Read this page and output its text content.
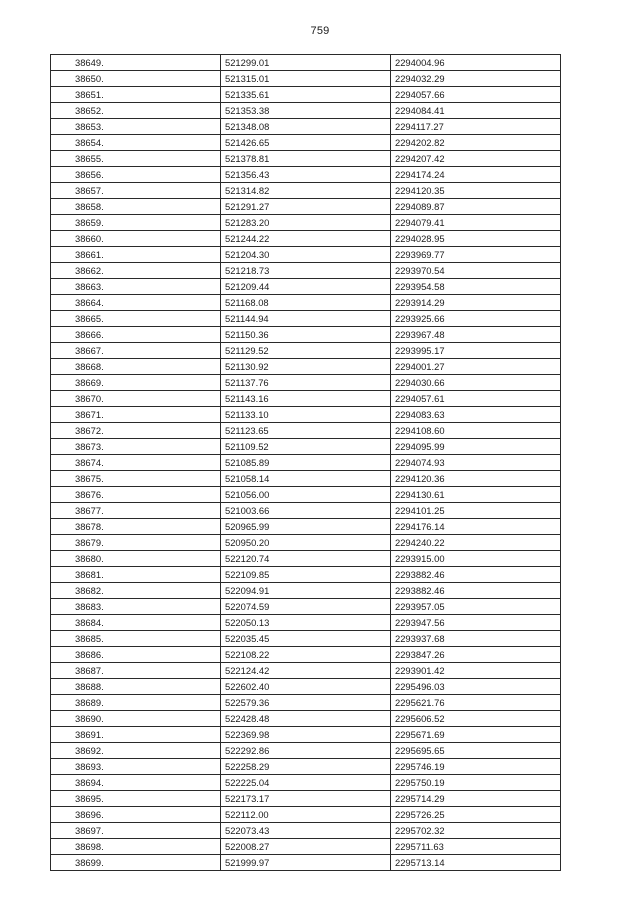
759
38649.	521299.01	2294004.96
38650.	521315.01	2294032.29
38651.	521335.61	2294057.66
38652.	521353.38	2294084.41
38653.	521348.08	2294117.27
38654.	521426.65	2294202.82
38655.	521378.81	2294207.42
38656.	521356.43	2294174.24
38657.	521314.82	2294120.35
38658.	521291.27	2294089.87
38659.	521283.20	2294079.41
38660.	521244.22	2294028.95
38661.	521204.30	2293969.77
38662.	521218.73	2293970.54
38663.	521209.44	2293954.58
38664.	521168.08	2293914.29
38665.	521144.94	2293925.66
38666.	521150.36	2293967.48
38667.	521129.52	2293995.17
38668.	521130.92	2294001.27
38669.	521137.76	2294030.66
38670.	521143.16	2294057.61
38671.	521133.10	2294083.63
38672.	521123.65	2294108.60
38673.	521109.52	2294095.99
38674.	521085.89	2294074.93
38675.	521058.14	2294120.36
38676.	521056.00	2294130.61
38677.	521003.66	2294101.25
38678.	520965.99	2294176.14
38679.	520950.20	2294240.22
38680.	522120.74	2293915.00
38681.	522109.85	2293882.46
38682.	522094.91	2293882.46
38683.	522074.59	2293957.05
38684.	522050.13	2293947.56
38685.	522035.45	2293937.68
38686.	522108.22	2293847.26
38687.	522124.42	2293901.42
38688.	522602.40	2295496.03
38689.	522579.36	2295621.76
38690.	522428.48	2295606.52
38691.	522369.98	2295671.69
38692.	522292.86	2295695.65
38693.	522258.29	2295746.19
38694.	522225.04	2295750.19
38695.	522173.17	2295714.29
38696.	522112.00	2295726.25
38697.	522073.43	2295702.32
38698.	522008.27	2295711.63
38699.	521999.97	2295713.14
